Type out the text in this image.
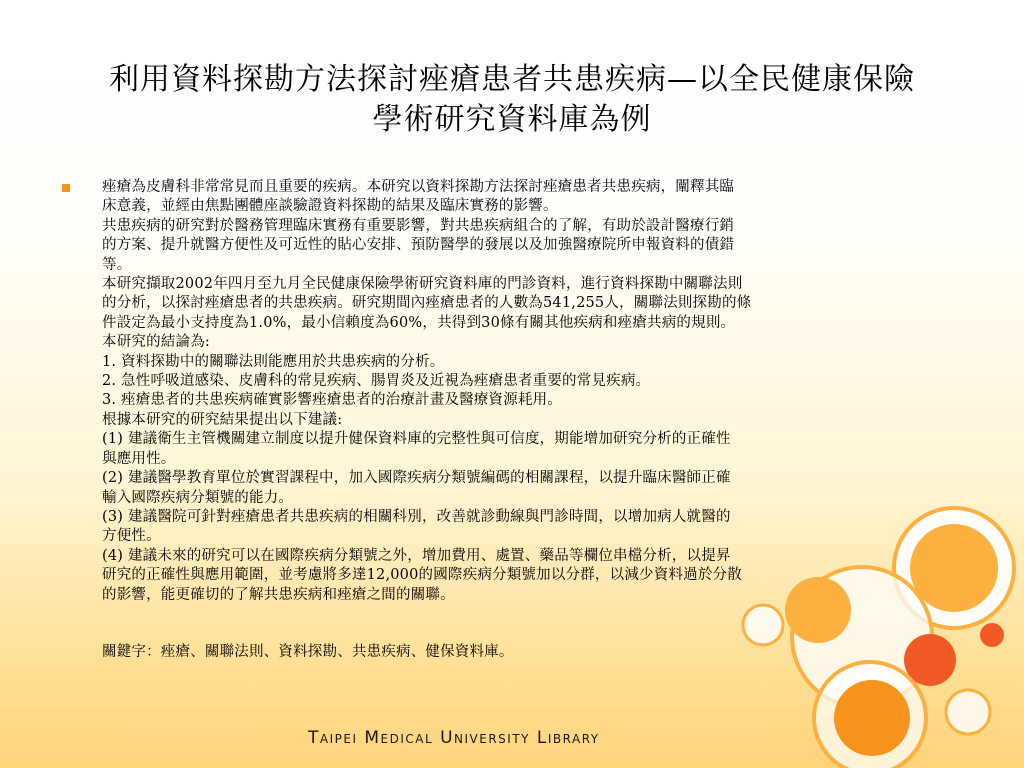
利用資料探勘方法探討痤瘡患者共患疾病—以全民健康保險
學術研究資料庫為例
痤瘡為皮膚科非常常見而且重要的疾病。本研究以資料探勘方法探討痤瘡患者共患疾病，闡釋其臨
床意義，並經由焦點團體座談驗證資料探勘的結果及臨床實務的影響。
共患疾病的研究對於醫務管理臨床實務有重要影響，對共患疾病組合的了解，有助於設計醫療行銷
的方案、提升就醫方便性及可近性的貼心安排、預防醫學的發展以及加強醫療院所申報資料的債錯
等。
本研究擷取2002年四月至九月全民健康保險學術研究資料庫的門診資料，進行資料探勘中關聯法則
的分析，以探討痤瘡患者的共患疾病。研究期間內痤瘡患者的人數為541,255人，關聯法則探勘的條
件設定為最小支持度為1.0%，最小信賴度為60%，共得到30條有關其他疾病和痤瘡共病的規則。
本研究的結論為:
1. 資料探勘中的關聯法則能應用於共患疾病的分析。
2. 急性呼吸道感染、皮膚科的常見疾病、腸胃炎及近視為痤瘡患者重要的常見疾病。
3. 痤瘡患者的共患疾病確實影響痤瘡患者的治療計畫及醫療資源耗用。
根據本研究的研究結果提出以下建議:
(1) 建議衛生主管機關建立制度以提升健保資料庫的完整性與可信度，期能增加研究分析的正確性
與應用性。
(2) 建議醫學教育單位於實習課程中，加入國際疾病分類號編碼的相關課程，以提升臨床醫師正確
輸入國際疾病分類號的能力。
(3) 建議醫院可針對痤瘡患者共患疾病的相關科別，改善就診動線與門診時間，以增加病人就醫的
方便性。
(4) 建議未來的研究可以在國際疾病分類號之外，增加費用、處置、藥品等欄位串檔分析，以提昇
研究的正確性與應用範圍，並考慮將多達12,000的國際疾病分類號加以分群，以減少資料過於分散
的影響，能更確切的了解共患疾病和痤瘡之間的關聯。
關鍵字：痤瘡、關聯法則、資料探勘、共患疾病、健保資料庫。
Taipei Medical University Library
